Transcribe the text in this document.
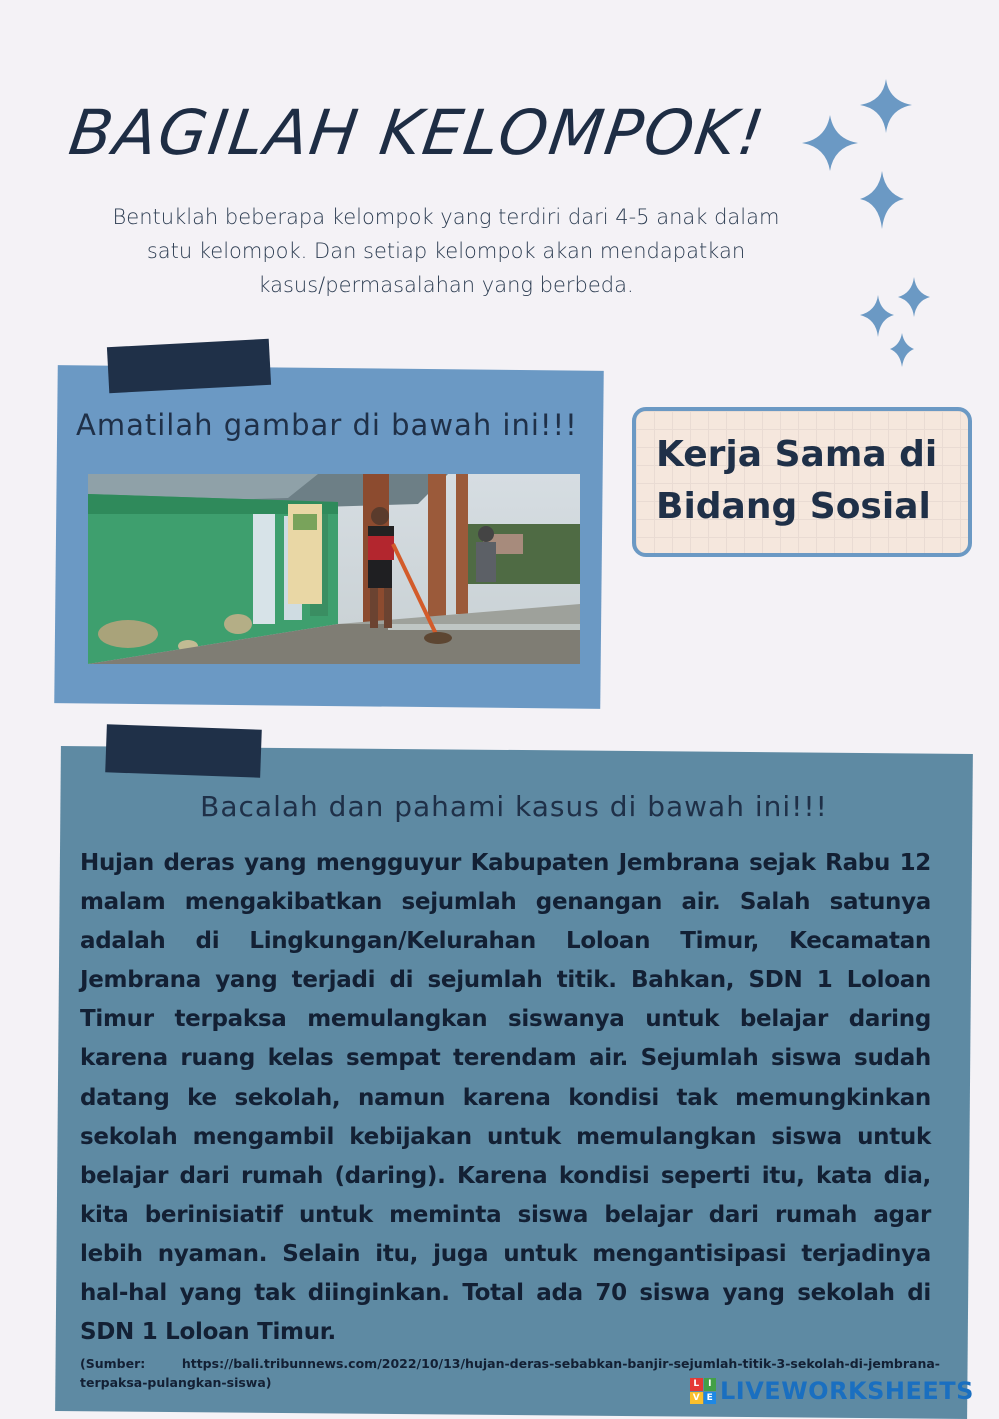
BAGILAH KELOMPOK!
Bentuklah beberapa kelompok yang terdiri dari 4-5 anak dalam
satu kelompok. Dan setiap kelompok akan mendapatkan
kasus/permasalahan yang berbeda.
Amatilah gambar di bawah ini!!!
Kerja Sama di
Bidang Sosial
Bacalah dan pahami kasus di bawah ini!!!
Hujan deras yang mengguyur Kabupaten Jembrana sejak Rabu 12 malam mengakibatkan sejumlah genangan air. Salah satunya adalah di Lingkungan/Kelurahan Loloan Timur, Kecamatan Jembrana yang terjadi di sejumlah titik. Bahkan, SDN 1 Loloan Timur terpaksa memulangkan siswanya untuk belajar daring karena ruang kelas sempat terendam air. Sejumlah siswa sudah datang ke sekolah, namun karena kondisi tak memungkinkan sekolah mengambil kebijakan untuk memulangkan siswa untuk belajar dari rumah (daring). Karena kondisi seperti itu, kata dia, kita berinisiatif untuk meminta siswa belajar dari rumah agar lebih nyaman. Selain itu, juga untuk mengantisipasi terjadinya hal-hal yang tak diinginkan. Total ada 70 siswa yang sekolah di SDN 1 Loloan Timur.
(Sumber: https://bali.tribunnews.com/2022/10/13/hujan-deras-sebabkan-banjir-sejumlah-titik-3-sekolah-di-jembrana-terpaksa-pulangkan-siswa)	L I
V E LIVEWORKSHEETS
